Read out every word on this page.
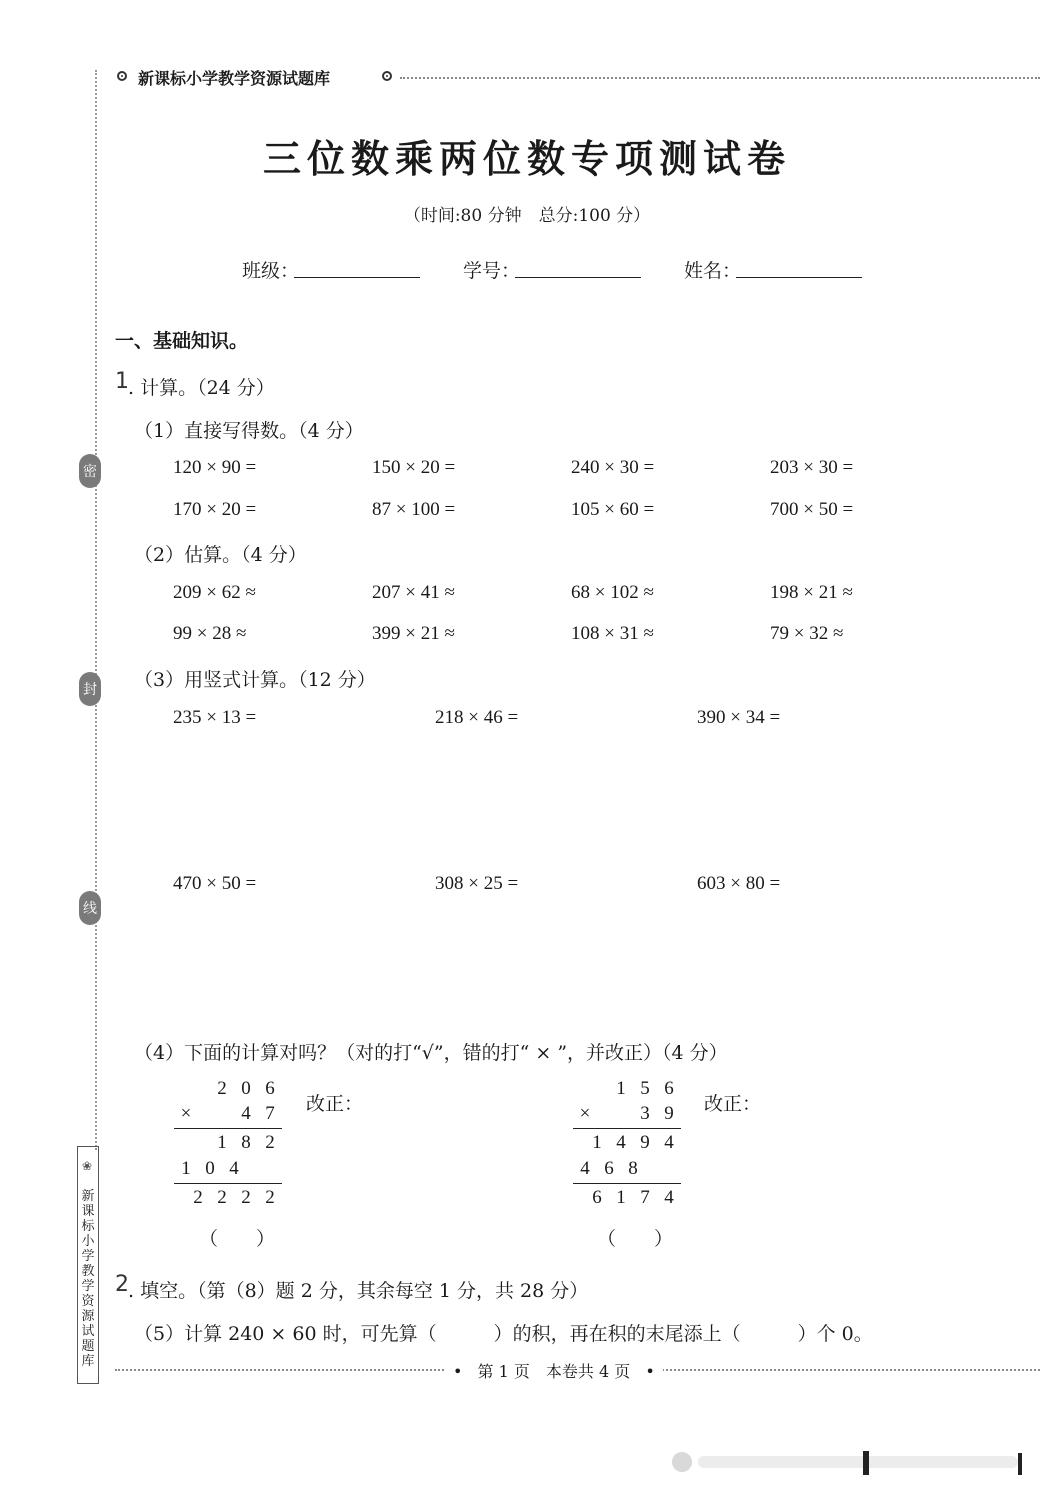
新课标小学教学资源试题库
密
封
线
❀
新
课
标
小
学
教
学
资
源
试
题
库
三位数乘两位数专项测试卷
（时间:80 分钟　总分:100 分）
班级：	学号：	姓名：
一、基础知识。
1 . 计算。（24 分）
（1）直接写得数。（4 分）
120 × 90 =	150 × 20 =	240 × 30 =	203 × 30 =
170 × 20 =	87 × 100 =	105 × 60 =	700 × 50 =
（2）估算。（4 分）
209 × 62 ≈	207 × 41 ≈	68 × 102 ≈	198 × 21 ≈
99 × 28 ≈	399 × 21 ≈	108 × 31 ≈	79 × 32 ≈
（3）用竖式计算。（12 分）
235 × 13 =	218 × 46 =	390 × 34 =
470 × 50 =	308 × 25 =	603 × 80 =
（4）下面的计算对吗？（对的打“√”，错的打“ × ”，并改正）（4 分）
2 0 6
×	4 7
1 8 2
1 0 4
2 2 2 2
改正：
（　　）
1 5 6
×	3 9
1 4 9 4
4 6 8
6 1 7 4
改正：
（　　）
2 . 填空。（第（8）题 2 分，其余每空 1 分，共 28 分）
（5）计算 240 × 60 时，可先算（　　　）的积，再在积的末尾添上（　　　）个 0。
• 第 1 页　本卷共 4 页 •
